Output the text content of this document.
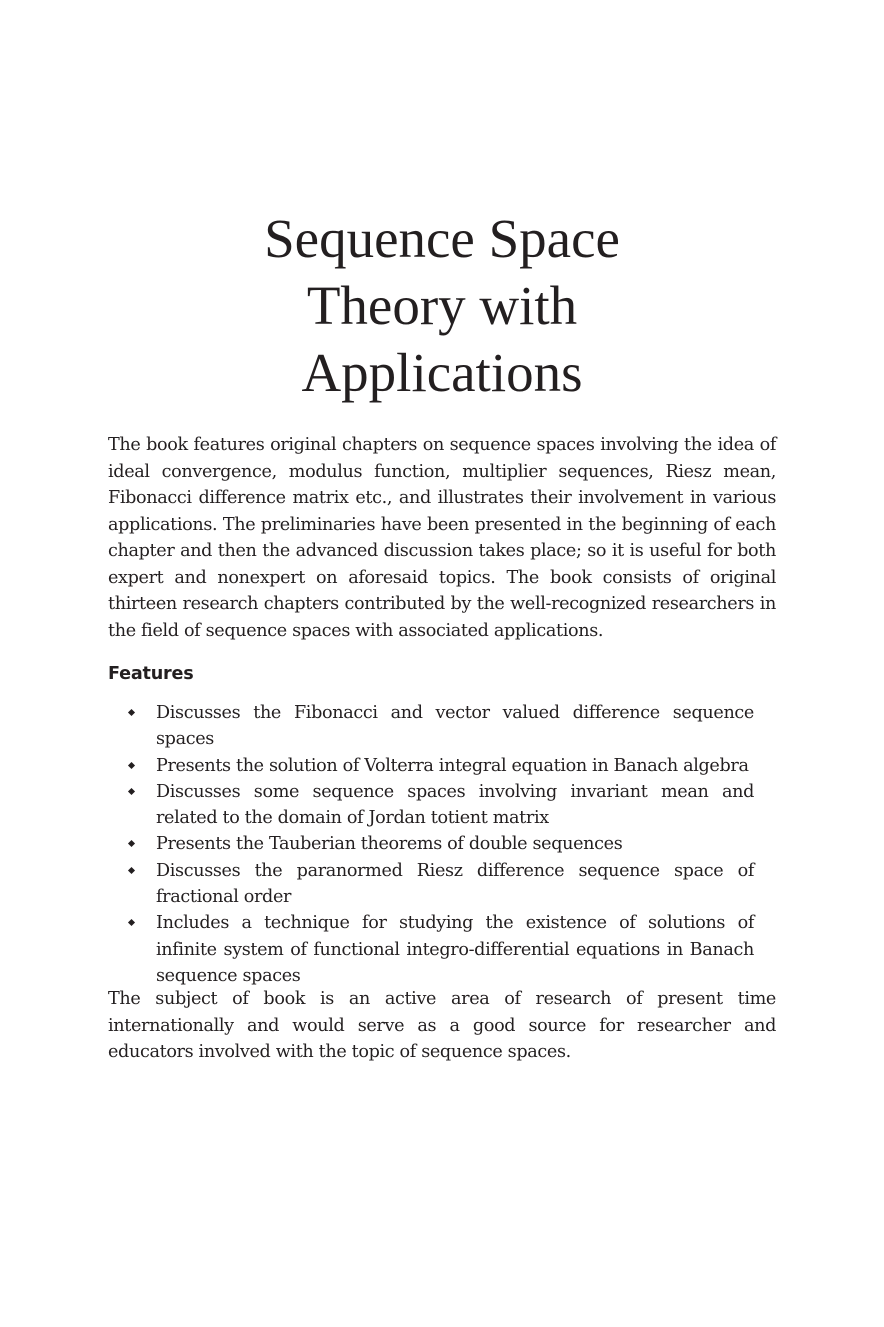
Sequence Space
Theory with
Applications

The book features original chapters on sequence spaces involving the idea of ideal convergence, modulus function, multiplier sequences, Riesz mean, Fibonacci difference matrix etc., and illustrates their involvement in various applications. The preliminaries have been presented in the beginning of each chapter and then the advanced discussion takes place; so it is useful for both expert and nonexpert on aforesaid topics. The book consists of original thirteen research chapters contributed by the well-recognized researchers in the field of sequence spaces with associated applications.

Features
Discusses the Fibonacci and vector valued difference sequence spaces
Presents the solution of Volterra integral equation in Banach algebra
Discusses some sequence spaces involving invariant mean and related to the domain of Jordan totient matrix
Presents the Tauberian theorems of double sequences
Discusses the paranormed Riesz difference sequence space of fractional order
Includes a technique for studying the existence of solutions of infinite system of functional integro-differential equations in Banach sequence spaces

The subject of book is an active area of research of present time internationally and would serve as a good source for researcher and educators involved with the topic of sequence spaces.
